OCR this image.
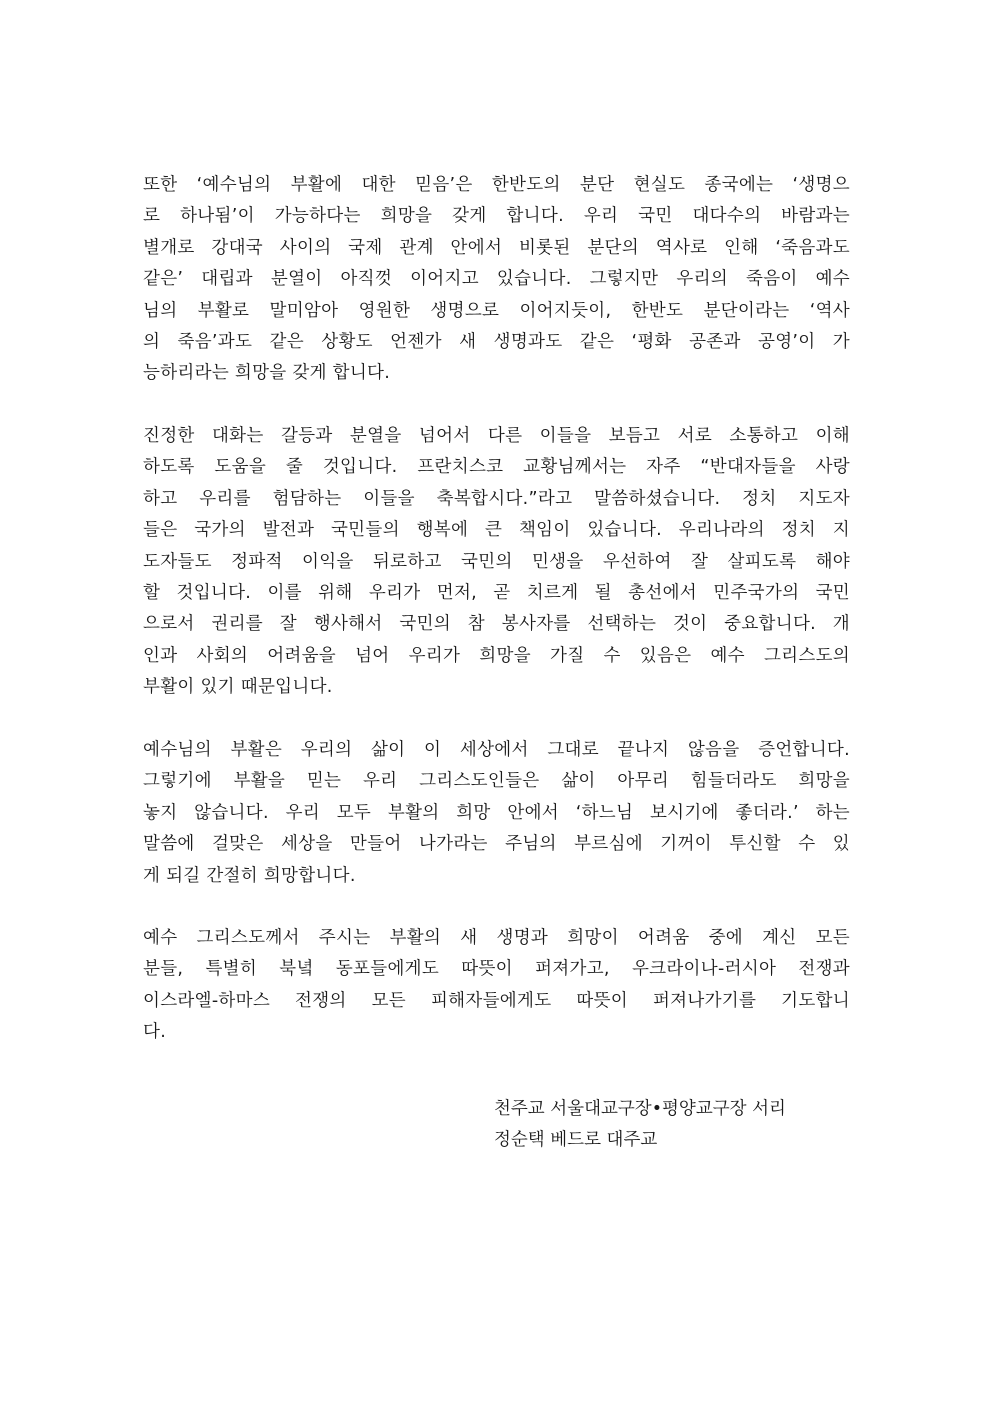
또한 ‘예수님의 부활에 대한 믿음’은 한반도의 분단 현실도 종국에는 ‘생명으
로 하나됨’이 가능하다는 희망을 갖게 합니다. 우리 국민 대다수의 바람과는
별개로 강대국 사이의 국제 관계 안에서 비롯된 분단의 역사로 인해 ‘죽음과도
같은’ 대립과 분열이 아직껏 이어지고 있습니다. 그렇지만 우리의 죽음이 예수
님의 부활로 말미암아 영원한 생명으로 이어지듯이, 한반도 분단이라는 ‘역사
의 죽음’과도 같은 상황도 언젠가 새 생명과도 같은 ‘평화 공존과 공영’이 가
능하리라는 희망을 갖게 합니다.
진정한 대화는 갈등과 분열을 넘어서 다른 이들을 보듬고 서로 소통하고 이해
하도록 도움을 줄 것입니다. 프란치스코 교황님께서는 자주 “반대자들을 사랑
하고 우리를 험담하는 이들을 축복합시다.”라고 말씀하셨습니다. 정치 지도자
들은 국가의 발전과 국민들의 행복에 큰 책임이 있습니다. 우리나라의 정치 지
도자들도 정파적 이익을 뒤로하고 국민의 민생을 우선하여 잘 살피도록 해야
할 것입니다. 이를 위해 우리가 먼저, 곧 치르게 될 총선에서 민주국가의 국민
으로서 권리를 잘 행사해서 국민의 참 봉사자를 선택하는 것이 중요합니다. 개
인과 사회의 어려움을 넘어 우리가 희망을 가질 수 있음은 예수 그리스도의
부활이 있기 때문입니다.
예수님의 부활은 우리의 삶이 이 세상에서 그대로 끝나지 않음을 증언합니다.
그렇기에 부활을 믿는 우리 그리스도인들은 삶이 아무리 힘들더라도 희망을
놓지 않습니다. 우리 모두 부활의 희망 안에서 ‘하느님 보시기에 좋더라.’ 하는
말씀에 걸맞은 세상을 만들어 나가라는 주님의 부르심에 기꺼이 투신할 수 있
게 되길 간절히 희망합니다.
예수 그리스도께서 주시는 부활의 새 생명과 희망이 어려움 중에 계신 모든
분들, 특별히 북녘 동포들에게도 따뜻이 퍼져가고, 우크라이나-러시아 전쟁과
이스라엘-하마스 전쟁의 모든 피해자들에게도 따뜻이 퍼져나가기를 기도합니
다.
천주교 서울대교구장•평양교구장 서리
정순택 베드로 대주교
